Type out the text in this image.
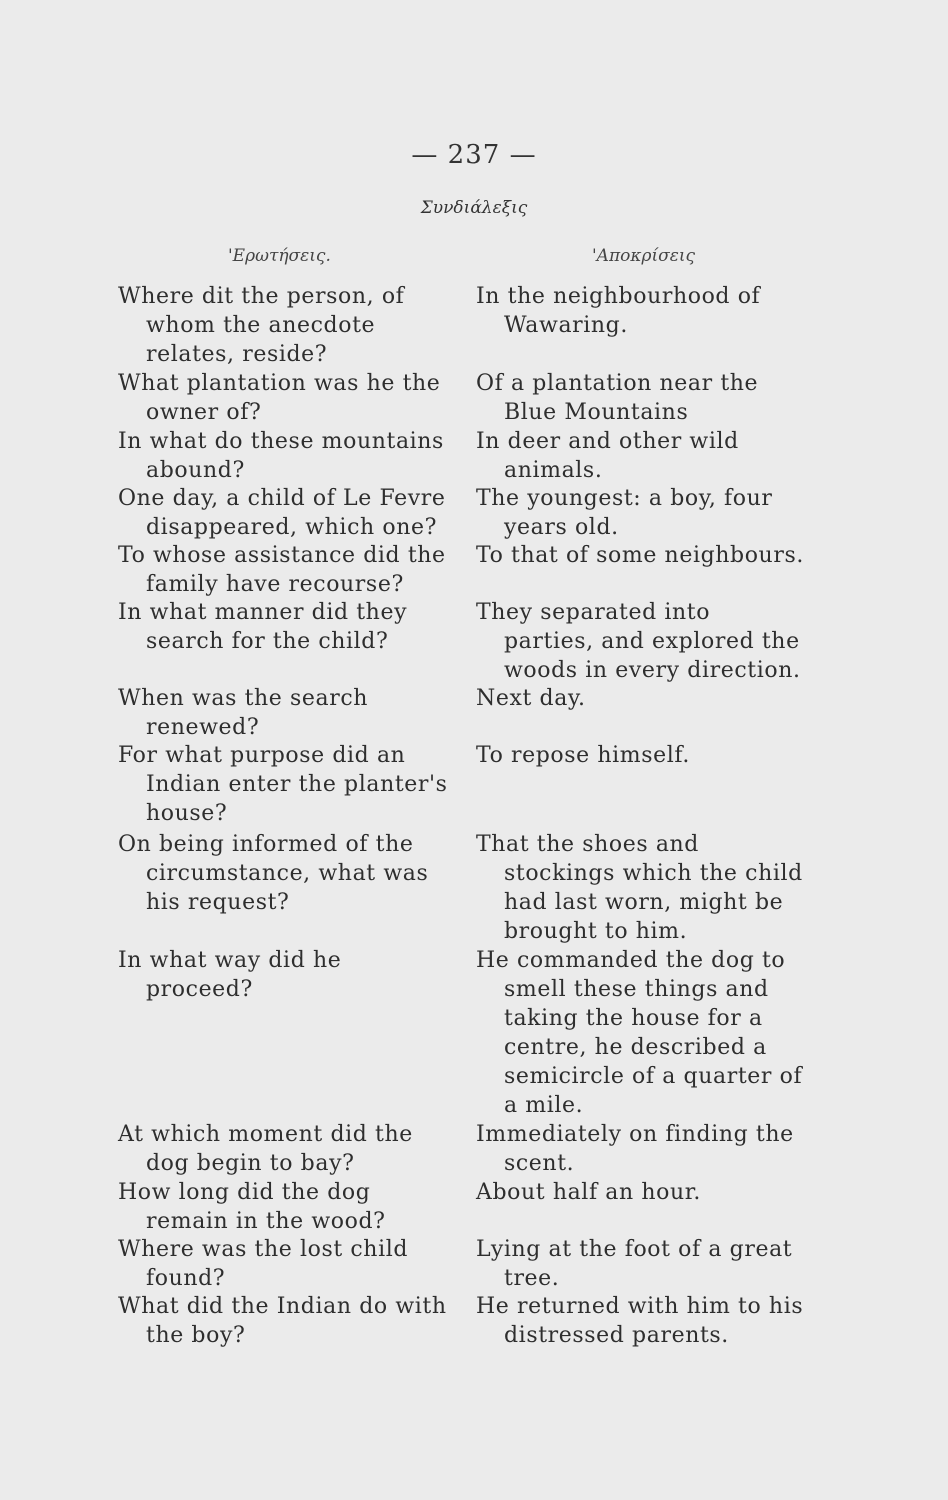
— 237 —
Συνδιάλεξις
'Ερωτήσεις.	'Αποκρίσεις
Where dit the person, of whom the anecdote relates, reside?
What plantation was he the owner of?
In what do these mountains abound?
One day, a child of Le Fevre disappeared, which one?
To whose assistance did the family have recourse?
In what manner did they search for the child?
When was the search renewed?
For what purpose did an Indian enter the planter's house?
On being informed of the circumstance, what was his request?
In what way did he proceed?
At which moment did the dog begin to bay?
How long did the dog remain in the wood?
Where was the lost child found?
What did the Indian do with the boy?
In the neighbourhood of Wawaring.
Of a plantation near the Blue Mountains
In deer and other wild animals.
The youngest: a boy, four years old.
To that of some neighbours.
They separated into parties, and explored the woods in every direction.
Next day.
To repose himself.
That the shoes and stockings which the child had last worn, might be brought to him.
He commanded the dog to smell these things and taking the house for a centre, he described a semicircle of a quarter of a mile.
Immediately on finding the scent.
About half an hour.
Lying at the foot of a great tree.
He returned with him to his distressed parents.
